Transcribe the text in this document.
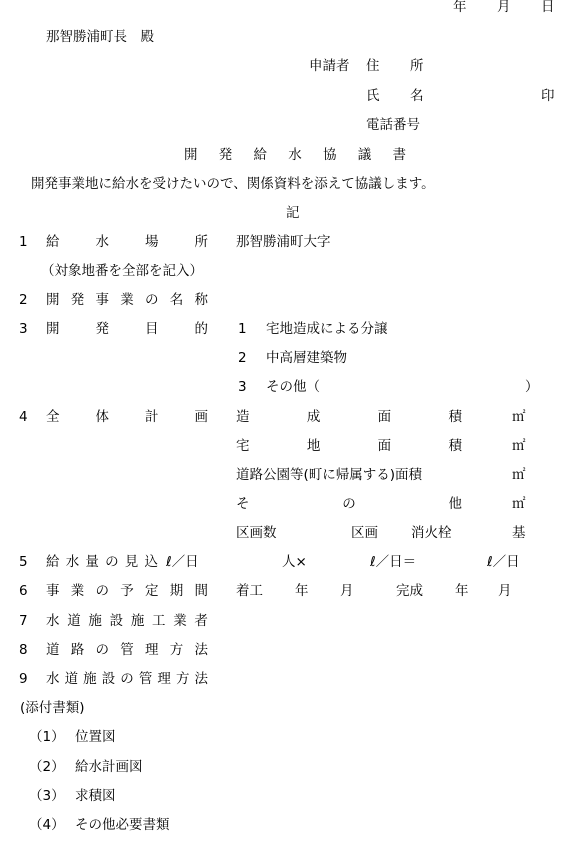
年 月 日
那智勝浦町長　殿
申請者 住 所
氏 名	印
電話番号
開 発 給 水 協 議 書
開発事業地に給水を受けたいので、関係資料を添えて協議します。
記
1	給	水	場	所 那智勝浦町大字
（対象地番を全部を記入）
2	開 発 事 業 の 名 称
3	開	発	目	的 1 宅地造成による分譲
2 中高層建築物
3 その他（	）
4	全	体	計	画 造	成	面	積	㎡
宅	地	面	積	㎡
道路公園等(町に帰属する)面積	㎡
そ	の	他	㎡
区画数	区画 消火栓	基
5	給 水 量 の 見 込 ℓ／日	人×	ℓ／日＝	ℓ／日
6	事 業 の 予 定 期 間 着工 年 月	完成 年 月
7	水 道 施 設 施 工 業 者
8	道 路 の 管 理 方 法
9	水 道 施 設 の 管 理 方 法
(添付書類)
（1） 位置図
（2） 給水計画図
（3） 求積図
（4） その他必要書類
